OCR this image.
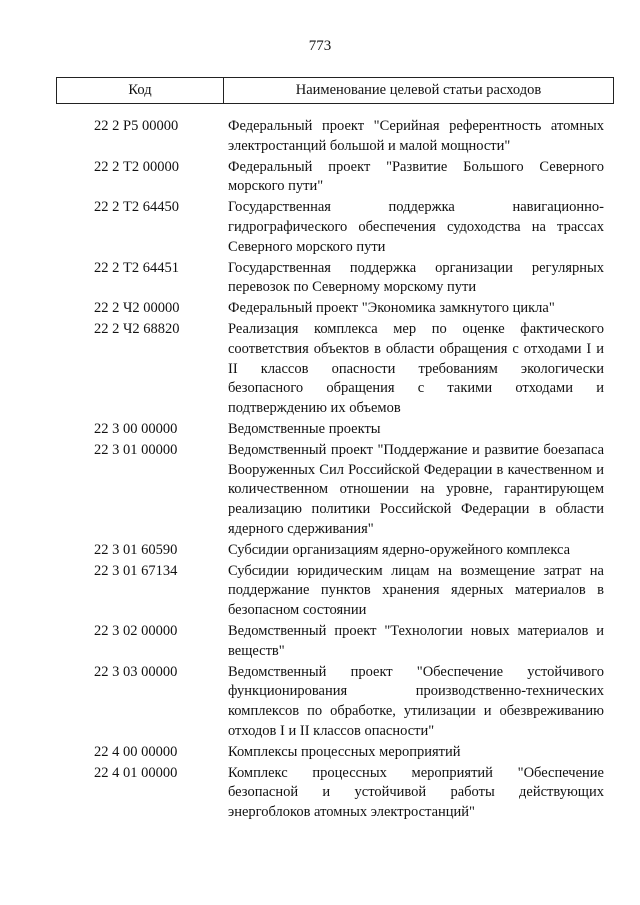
773
Код	Наименование целевой статьи расходов
22 2 Р5 00000	Федеральный проект "Серийная референтность атомных электростанций большой и малой мощности"
22 2 Т2 00000	Федеральный проект "Развитие Большого Северного морского пути"
22 2 Т2 64450	Государственная поддержка навигационно-гидрографического обеспечения судоходства на трассах Северного морского пути
22 2 Т2 64451	Государственная поддержка организации регулярных перевозок по Северному морскому пути
22 2 Ч2 00000	Федеральный проект "Экономика замкнутого цикла"
22 2 Ч2 68820	Реализация комплекса мер по оценке фактического соответствия объектов в области обращения с отходами I и II классов опасности требованиям экологически безопасного обращения с такими отходами и подтверждению их объемов
22 3 00 00000	Ведомственные проекты
22 3 01 00000	Ведомственный проект "Поддержание и развитие боезапаса Вооруженных Сил Российской Федерации в качественном и количественном отношении на уровне, гарантирующем реализацию политики Российской Федерации в области ядерного сдерживания"
22 3 01 60590	Субсидии организациям ядерно-оружейного комплекса
22 3 01 67134	Субсидии юридическим лицам на возмещение затрат на поддержание пунктов хранения ядерных материалов в безопасном состоянии
22 3 02 00000	Ведомственный проект "Технологии новых материалов и веществ"
22 3 03 00000	Ведомственный проект "Обеспечение устойчивого функционирования производственно-технических комплексов по обработке, утилизации и обезвреживанию отходов I и II классов опасности"
22 4 00 00000	Комплексы процессных мероприятий
22 4 01 00000	Комплекс процессных мероприятий "Обеспечение безопасной и устойчивой работы действующих энергоблоков атомных электростанций"
